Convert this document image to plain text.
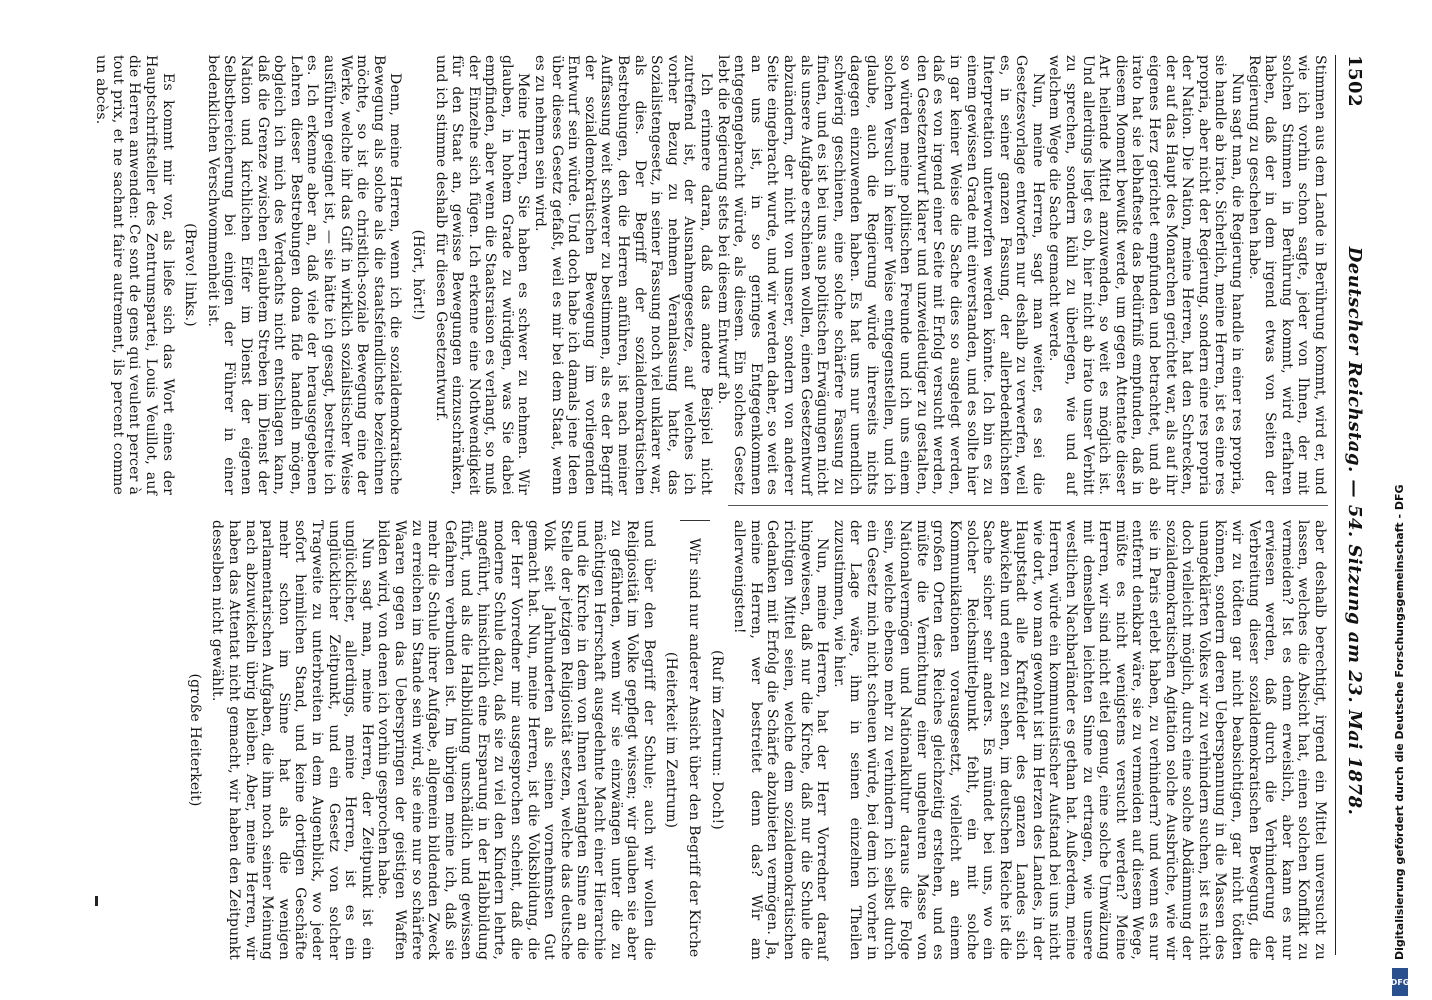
1502
Deutscher Reichstag. — 54. Sitzung am 23. Mai 1878.

Stimmen aus dem Lande in Berührung kommt, wird er, und wie ich vorhin schon sagte, jeder von Ihnen, der mit solchen Stimmen in Berührung kommt, wird erfahren haben, daß der in dem irgend etwas von Seiten der Regierung zu geschehen habe.

Nun sagt man, die Regierung handle in einer res propria, sie handle ab irato. Sicherlich, meine Herren, ist es eine res propria, aber nicht der Regierung, sondern eine res propria der Nation. Die Nation, meine Herren, hat den Schrecken, der auf das Haupt des Monarchen gerichtet war, als auf ihr eigenes Herz gerichtet empfunden und betrachtet, und ab irato hat sie lebhafteste das Bedürfniß empfunden, daß in diesem Moment bewußt werde, um gegen Attentate dieser Art heilende Mittel anzuwenden, so weit es möglich ist. Und allerdings liegt es ob, hier nicht ab irato unser Verbitt zu sprechen, sondern kühl zu überlegen, wie und auf welchem Wege die Sache gemacht werde.

Nun, meine Herren, sagt man weiter, es sei die Gesetzesvorlage entworfen nur deshalb zu verwerfen, weil es, in seiner ganzen Fassung, der allerbedenklichsten Interpretation unterworfen werden könnte. Ich bin es zu einem gewissen Grade mit einverstanden, und es sollte hier in gar keiner Weise die Sache dies so ausgelegt werden, daß es von irgend einer Seite mit Erfolg versucht werden, den Gesetzentwurf klarer und unzweideutiger zu gestalten, so würden meine politischen Freunde und ich uns einem solchen Versuch in keiner Weise entgegenstellen, und ich glaube, auch die Regierung würde ihrerseits nichts dagegen einzuwenden haben. Es hat uns nur unendlich schwierig geschienen, eine solche schärfere Fassung zu finden, und es ist bei uns aus politischen Erwägungen nicht als unsere Aufgabe erschienen wollen, einen Gesetzentwurf abzuändern, der nicht von unserer, sondern von anderer Seite eingebracht wurde, und wir werden daher, so weit es an uns ist, in so geringes Entgegenkommen entgegengebracht würde, als diesem. Ein solches Gesetz lebt die Regierung stets bei diesem Entwurf ab.

Ich erinnere daran, daß das andere Beispiel nicht zutreffend ist, der Ausnahmegesetze, auf welches ich vorher Bezug zu nehmen Veranlassung hatte, das Sozialistengesetz, in seiner Fassung noch viel unklarer war, als dies. Der Begriff der sozialdemokratischen Bestrebungen, den die Herren anführen, ist nach meiner Auffassung weit schwerer zu bestimmen, als es der Begriff der sozialdemokratischen Bewegung im vorliegenden Entwurf sein würde. Und doch habe ich damals jene Ideen über dieses Gesetz gefaßt, weil es mir bei dem Staat, wenn es zu nehmen sein wird.

Meine Herren, Sie haben es schwer zu nehmen. Wir glauben, in hohem Grade zu würdigen, was Sie dabei empfinden, aber wenn die Staatsraison es verlangt, so muß der Einzelne sich fügen. Ich erkenne eine Nothwendigkeit für den Staat an, gewisse Bewegungen einzuschränken, und ich stimme deshalb für diesen Gesetzentwurf.

(Hört, hört!)

Denn, meine Herren, wenn ich die sozialdemokratische Bewegung als solche als die staatsfeindlichste bezeichnen möchte, so ist die christlich-soziale Bewegung eine der Werke, welche ihr das Gift in wirklich sozialistischer Weise ausführen geeignet ist, — sie hätte ich gesagt, bestreite ich es. Ich erkenne aber an, daß viele der herausgegebenen Lehren dieser Bestrebungen dona fide handeln mögen, obgleich ich mich des Verdachts nicht entschlagen kann, daß die Grenze zwischen erlaubtem Streben im Dienst der Nation und kirchlichen Eifer im Dienst der eigenen Selbstbereicherung bei einigen der Führer in einer bedenklichen Verschwommenheit ist.

(Bravo! links.)

Es kommt mir vor, als ließe sich das Wort eines der Hauptschriftsteller des Zentrumspartei, Louis Veuillot, auf die Herren anwenden: Ce sont de gens qui veulent percer à tout prix, et ne sachant faire autrement, ils percent comme un abcès.

aber deshalb berechtigt, irgend ein Mittel unversucht zu lassen, welches die Absicht hat, einen solchen Konflikt zu vermeiden? Ist es denn erweislich, aber kann es nur erwiesen werden, daß durch die Verhinderung der Verbreitung dieser sozialdemokratischen Bewegung, die wir zu tödten gar nicht beabsichtigen, gar nicht tödten können, sondern deren Ueberspannung in die Massen des unangeklärten Volkes wir zu verhindern suchen, ist es nicht doch vielleicht möglich, durch eine solche Abdämmung der sozialdemokratischen Agitation solche Ausbrüche, wie wir sie in Paris erlebt haben, zu verhindern? und wenn es nur entfernt denkbar wäre, sie zu vermeiden auf diesem Wege, müßte es nicht wenigstens versucht werden? Meine Herren, wir sind nicht eitel genug, eine solche Umwälzung mit demselben leichten Sinne zu ertragen, wie unsere westlichen Nachbarländer es gethan hat. Außerdem, meine Herren, würde ein kommunistischer Aufstand bei uns nicht wie dort, wo man gewohnt ist im Herzen des Landes, in der Hauptstadt alle Kraftfelder des ganzen Landes sich abwickeln und enden zu sehen, im deutschen Reiche ist die Sache sicher sehr anders. Es mündet bei uns, wo ein solcher Reichsmittelpunkt fehlt, ein mit solche Kommunikationen vorausgesetzt, vielleicht an einem großen Orten des Reiches gleichzeitig erstehen, und es müßte die Vernichtung einer ungeheuren Masse von Nationalvermögen und Nationalkultur daraus die Folge sein, welche ebenso mehr zu verhindern ich selbst durch ein Gesetz mich nicht scheuen würde, bei dem ich vorher in der Lage wäre, ihm in seinen einzelnen Theilen zuzustimmen, wie hier.

Nun, meine Herren, hat der Herr Vorredner darauf hingewiesen, daß nur die Kirche, daß nur die Schule die richtigen Mittel seien, welche dem sozialdemokratischen Gedanken mit Erfolg die Schärfe abzubieten vermögen. Ja, meine Herren, wer bestreitet denn das? Wir am allerwenigsten!

(Ruf im Zentrum: Doch!)

Wir sind nur anderer Ansicht über den Begriff der Kirche

(Heiterkeit im Zentrum)

und über den Begriff der Schule; auch wir wollen die Religiosität im Volke gepflegt wissen; wir glauben sie aber zu gefährden, wenn wir sie einzwängen unter die zu mächtigen Herrschaft ausgedehnte Macht einer Hierarchie und die Kirche in dem von Ihnen verlangten Sinne an die Stelle der jetzigen Religiosität setzen, welche das deutsche Volk seit Jahrhunderten als seinen vornehmsten Gut gemacht hat. Nun, meine Herren, ist die Volksbildung, die der Herr Vorredner mir ausgesprochen scheint, daß die moderne Schule dazu, daß sie zu viel den Kindern lehrte, angeführt, hinsichtlich eine Ersparung in der Halbbildung führt, und als die Halbbildung unschädlich und gewissen Gefahren verbunden ist. Im übrigen meine ich, daß sie mehr die Schule ihrer Aufgabe, allgemein bildenden Zweck zu erreichen im Stande sein wird, sie eine nur so schärfere Waaren gegen das Ueberspringen der geistigen Waffen bilden wird, von denen ich vorhin gesprochen habe.

Nun sagt man, meine Herren, der Zeitpunkt ist ein unglücklicher, allerdings, meine Herren, ist es ein unglücklicher Zeitpunkt, und ein Gesetz von solcher Tragweite zu unterbreiten in dem Augenblick, wo jeder sofort heimlichen Stand, und keine dortigen Geschäfte mehr schon im Sinne hat als die wenigen parlamentarischen Aufgaben, die ihm noch seiner Meinung nach abzuwickeln übrig bleiben. Aber, meine Herren, wir haben das Attentat nicht gemacht, wir haben den Zeitpunkt desselben nicht gewählt.

(große Heiterkeit)

DFG
Digitalisierung gefördert durch die Deutsche Forschungsgemeinschaft - DFG
